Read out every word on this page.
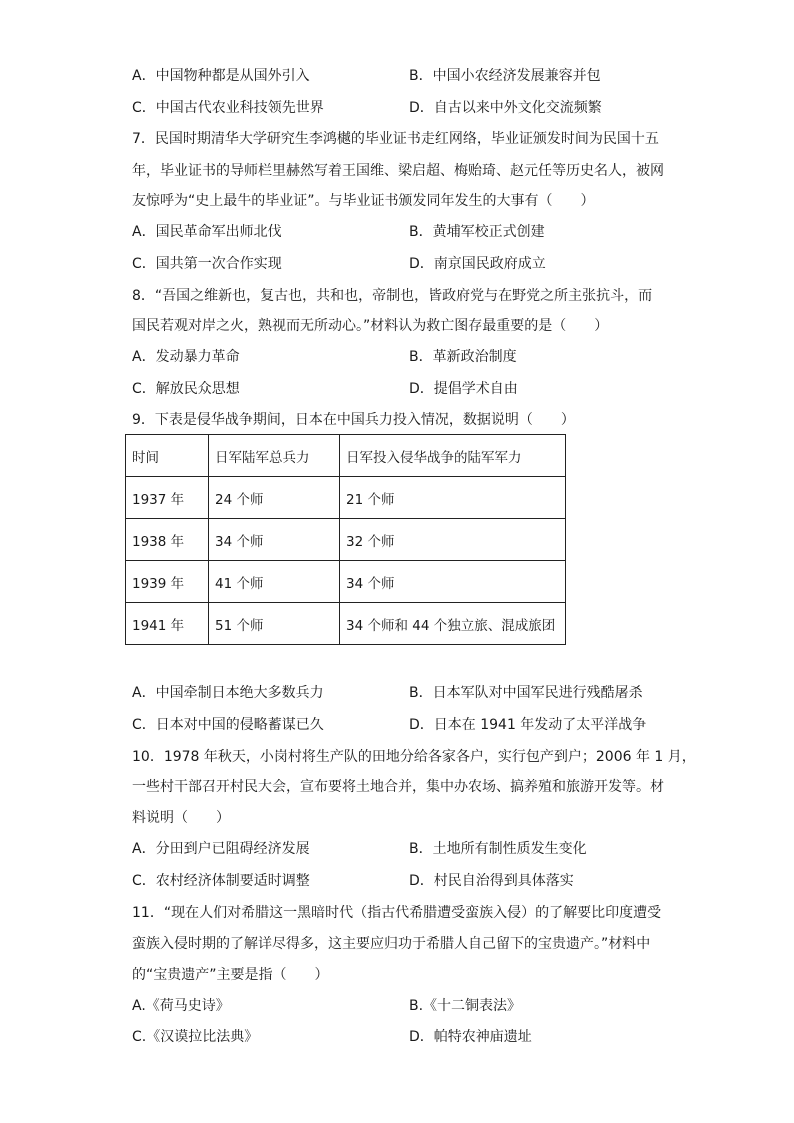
A．中国物种都是从国外引入	B．中国小农经济发展兼容并包
C．中国古代农业科技领先世界	D．自古以来中外文化交流频繁
7．民国时期清华大学研究生李鸿樾的毕业证书走红网络，毕业证颁发时间为民国十五
年，毕业证书的导师栏里赫然写着王国维、梁启超、梅贻琦、赵元任等历史名人，被网
友惊呼为“史上最牛的毕业证”。与毕业证书颁发同年发生的大事有（　　）
A．国民革命军出师北伐	B．黄埔军校正式创建
C．国共第一次合作实现	D．南京国民政府成立
8．“吾国之维新也，复古也，共和也，帝制也，皆政府党与在野党之所主张抗斗，而
国民若观对岸之火，熟视而无所动心。”材料认为救亡图存最重要的是（　　）
A．发动暴力革命	B．革新政治制度
C．解放民众思想	D．提倡学术自由
9．下表是侵华战争期间，日本在中国兵力投入情况，数据说明（　　）
时间	日军陆军总兵力	日军投入侵华战争的陆军军力
1937 年	24 个师	21 个师
1938 年	34 个师	32 个师
1939 年	41 个师	34 个师
1941 年	51 个师	34 个师和 44 个独立旅、混成旅团
A．中国牵制日本绝大多数兵力	B．日本军队对中国军民进行残酷屠杀
C．日本对中国的侵略蓄谋已久	D．日本在 1941 年发动了太平洋战争
10．1978 年秋天，小岗村将生产队的田地分给各家各户，实行包产到户；2006 年 1 月，
一些村干部召开村民大会，宣布要将土地合并，集中办农场、搞养殖和旅游开发等。材
料说明（　　）
A．分田到户已阻碍经济发展	B．土地所有制性质发生变化
C．农村经济体制要适时调整	D．村民自治得到具体落实
11．“现在人们对希腊这一黑暗时代（指古代希腊遭受蛮族入侵）的了解要比印度遭受
蛮族入侵时期的了解详尽得多，这主要应归功于希腊人自己留下的宝贵遗产。”材料中
的“宝贵遗产”主要是指（　　）
A.《荷马史诗》	B.《十二铜表法》
C.《汉谟拉比法典》	D．帕特农神庙遗址
